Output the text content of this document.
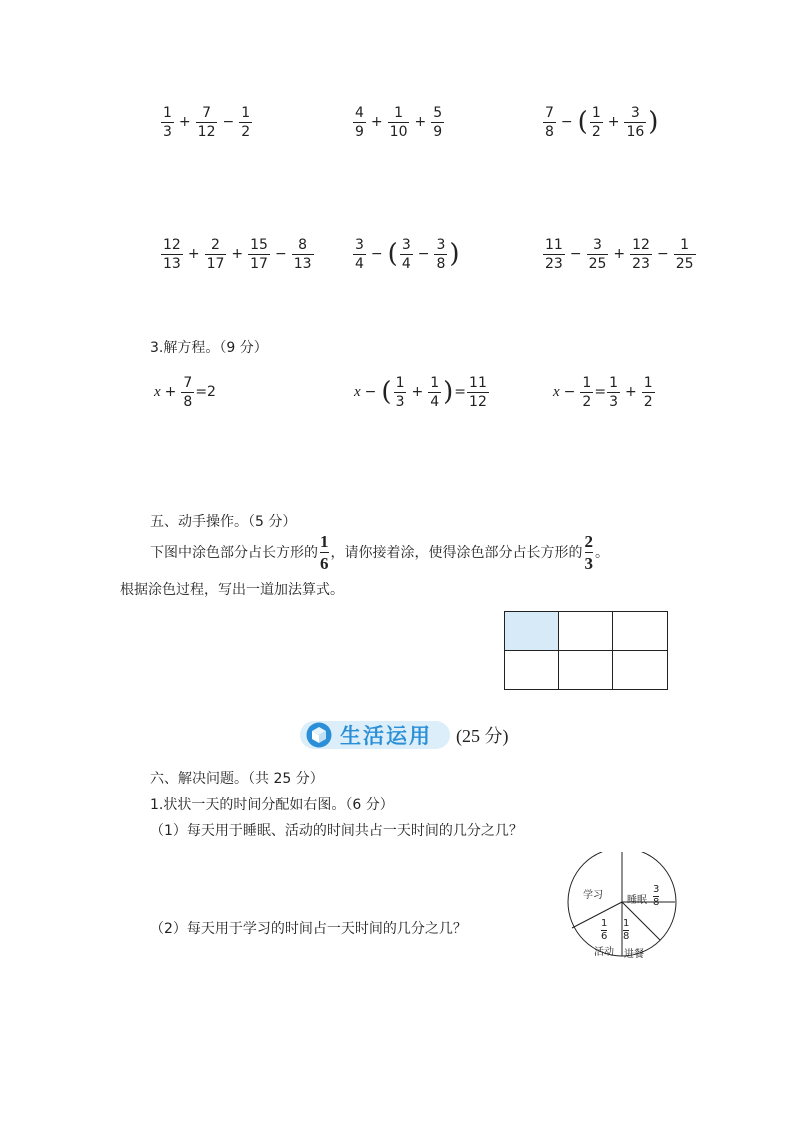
$\frac{1}{3} + \frac{7}{12} - \frac{1}{2}$	$\frac{4}{9} + \frac{1}{10} + \frac{5}{9}$	$\frac{7}{8}$ − ( $\frac{1}{2} + \frac{3}{16}$ )
$\frac{12}{13} + \frac{2}{17} + \frac{15}{17} - \frac{8}{13}$	$\frac{3}{4}$ − ( $\frac{3}{4} - \frac{3}{8}$ )	$\frac{11}{23} - \frac{3}{25} + \frac{12}{23} - \frac{1}{25}$
3.解方程。（9 分）
$x + \frac{7}{8} =2$	x − ( $\frac{1}{3} + \frac{1}{4}$ ) = $\frac{11}{12}$	$x - \frac{1}{2} = \frac{1}{3} + \frac{1}{2}$
五、动手操作。（5 分）
下图中涂色部分占长方形的
1
6
，请你接着涂，使得涂色部分占长方形的
2
3
。
根据涂色过程，写出一道加法算式。
生活运用 (25 分)
六、解决问题。（共 25 分）
1.状状一天的时间分配如右图。（6 分）
（1）每天用于睡眠、活动的时间共占一天时间的几分之几？
（2）每天用于学习的时间占一天时间的几分之几？
学习 睡眠 $\frac{3}{8}$
$\frac{1}{6}$
活动
$\frac{1}{8}$
进餐
